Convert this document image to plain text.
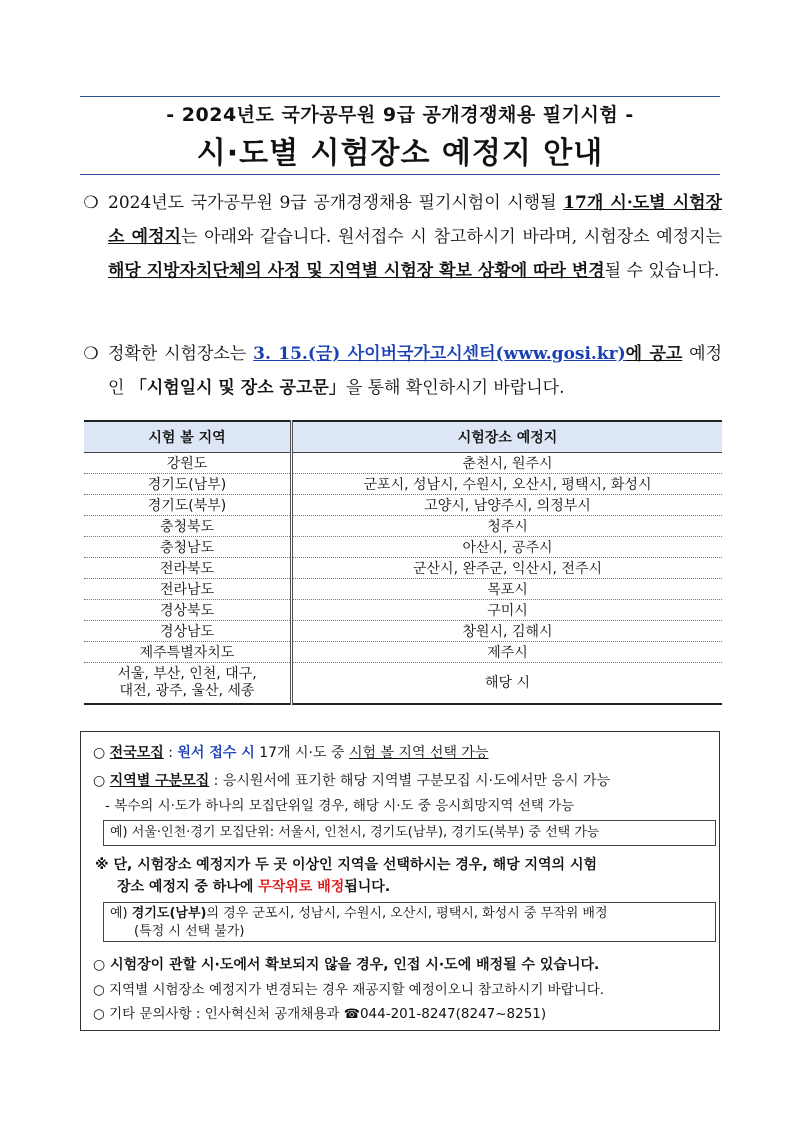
- 2024년도 국가공무원 9급 공개경쟁채용 필기시험 -
시·도별 시험장소 예정지 안내
❍ 2024년도 국가공무원 9급 공개경쟁채용 필기시험이 시행될 17개 시·도별 시험장소 예정지는 아래와 같습니다. 원서접수 시 참고하시기 바라며, 시험장소 예정지는 해당 지방자치단체의 사정 및 지역별 시험장 확보 상황에 따라 변경될 수 있습니다.
❍ 정확한 시험장소는 3. 15.(금) 사이버국가고시센터(www.gosi.kr)에 공고 예정인 「시험일시 및 장소 공고문」을 통해 확인하시기 바랍니다.
시험 볼 지역	시험장소 예정지
강원도	춘천시, 원주시
경기도(남부)	군포시, 성남시, 수원시, 오산시, 평택시, 화성시
경기도(북부)	고양시, 남양주시, 의정부시
충청북도	청주시
충청남도	아산시, 공주시
전라북도	군산시, 완주군, 익산시, 전주시
전라남도	목포시
경상북도	구미시
경상남도	창원시, 김해시
제주특별자치도	제주시
서울, 부산, 인천, 대구,
대전, 광주, 울산, 세종	해당 시
○ 전국모집 : 원서 접수 시 17개 시·도 중 시험 볼 지역 선택 가능
○ 지역별 구분모집 : 응시원서에 표기한 해당 지역별 구분모집 시·도에서만 응시 가능
- 복수의 시·도가 하나의 모집단위일 경우, 해당 시·도 중 응시희망지역 선택 가능
예) 서울·인천·경기 모집단위: 서울시, 인천시, 경기도(남부), 경기도(북부) 중 선택 가능
※ 단, 시험장소 예정지가 두 곳 이상인 지역을 선택하시는 경우, 해당 지역의 시험
장소 예정지 중 하나에 무작위로 배정됩니다.
예) 경기도(남부)의 경우 군포시, 성남시, 수원시, 오산시, 평택시, 화성시 중 무작위 배정
(특정 시 선택 불가)
○ 시험장이 관할 시·도에서 확보되지 않을 경우, 인접 시·도에 배정될 수 있습니다.
○ 지역별 시험장소 예정지가 변경되는 경우 재공지할 예정이오니 참고하시기 바랍니다.
○ 기타 문의사항 : 인사혁신처 공개채용과 ☎044-201-8247(8247~8251)
